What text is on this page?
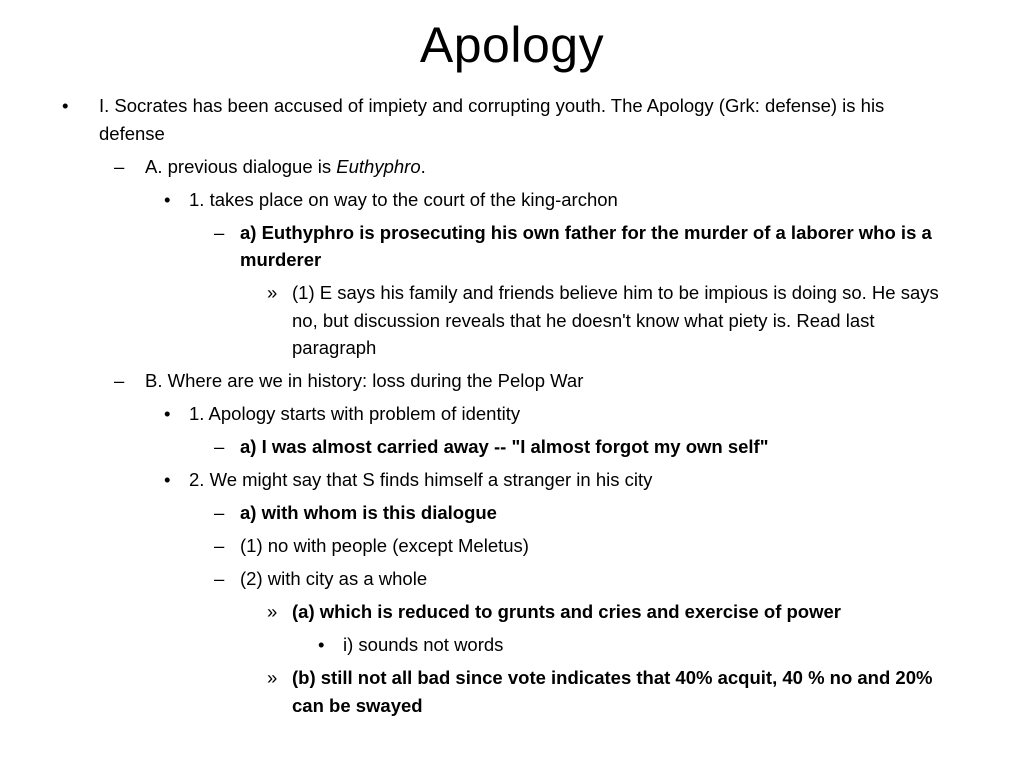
Apology
• I. Socrates has been accused of impiety and corrupting youth. The Apology (Grk: defense) is his defense
– A. previous dialogue is Euthyphro.
• 1. takes place on way to the court of the king-archon
– a) Euthyphro is prosecuting his own father for the murder of a laborer who is a murderer
» (1) E says his family and friends believe him to be impious is doing so. He says no, but discussion reveals that he doesn't know what piety is. Read last paragraph
– B. Where are we in history: loss during the Pelop War
• 1. Apology starts with problem of identity
– a) I was almost carried away -- "I almost forgot my own self"
• 2. We might say that S finds himself a stranger in his city
– a) with whom is this dialogue
– (1) no with people (except Meletus)
– (2) with city as a whole
» (a) which is reduced to grunts and cries and exercise of power
• i) sounds not words
» (b) still not all bad since vote indicates that 40% acquit, 40 % no and 20% can be swayed
